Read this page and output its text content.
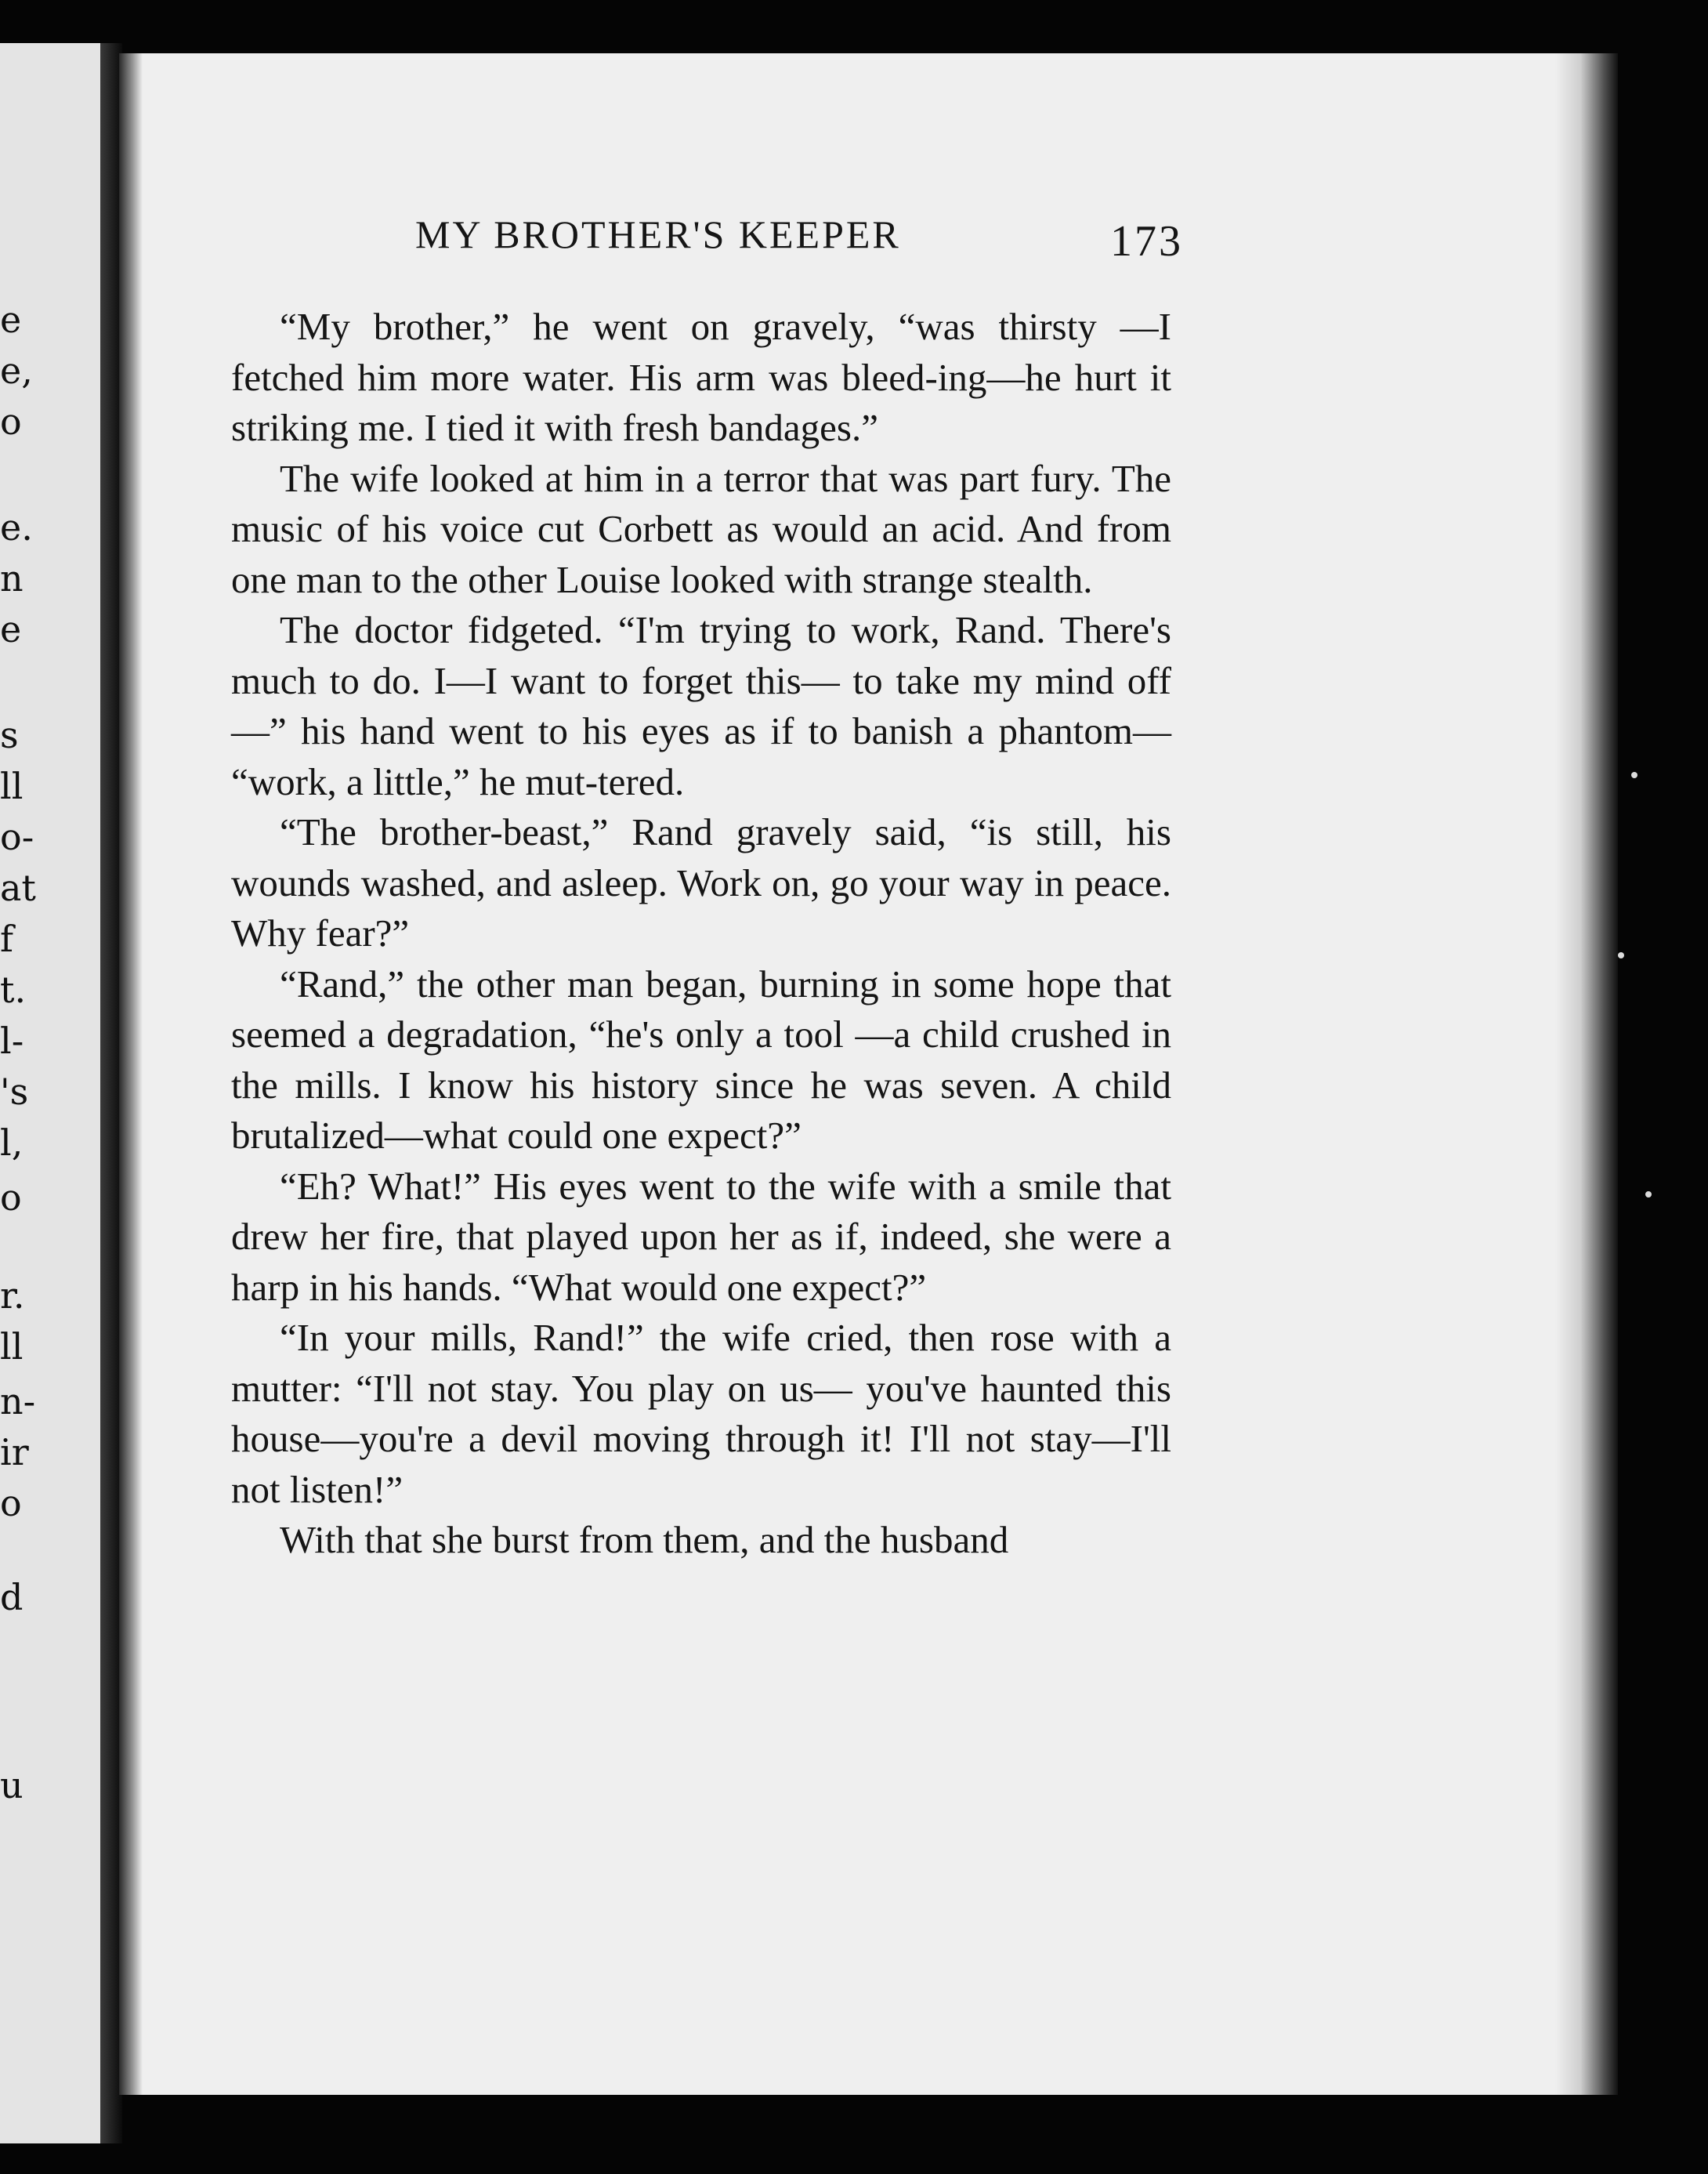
e
e,
o
e.
n
e
s
ll
o-
at
f
t.
l-
's
l,
o
r.
ll
n-
ir
o
d
u
MY BROTHER'S KEEPER	173

“My brother,” he went on gravely, “was thirsty —I fetched him more water. His arm was bleed-ing—he hurt it striking me. I tied it with fresh bandages.”

The wife looked at him in a terror that was part fury. The music of his voice cut Corbett as would an acid. And from one man to the other Louise looked with strange stealth.

The doctor fidgeted. “I'm trying to work, Rand. There's much to do. I—I want to forget this— to take my mind off—” his hand went to his eyes as if to banish a phantom— “work, a little,” he mut-tered.

“The brother-beast,” Rand gravely said, “is still, his wounds washed, and asleep. Work on, go your way in peace. Why fear?”

“Rand,” the other man began, burning in some hope that seemed a degradation, “he's only a tool —a child crushed in the mills. I know his history since he was seven. A child brutalized—what could one expect?”

“Eh? What!” His eyes went to the wife with a smile that drew her fire, that played upon her as if, indeed, she were a harp in his hands. “What would one expect?”

“In your mills, Rand!” the wife cried, then rose with a mutter: “I'll not stay. You play on us— you've haunted this house—you're a devil moving through it! I'll not stay—I'll not listen!”

With that she burst from them, and the husband
